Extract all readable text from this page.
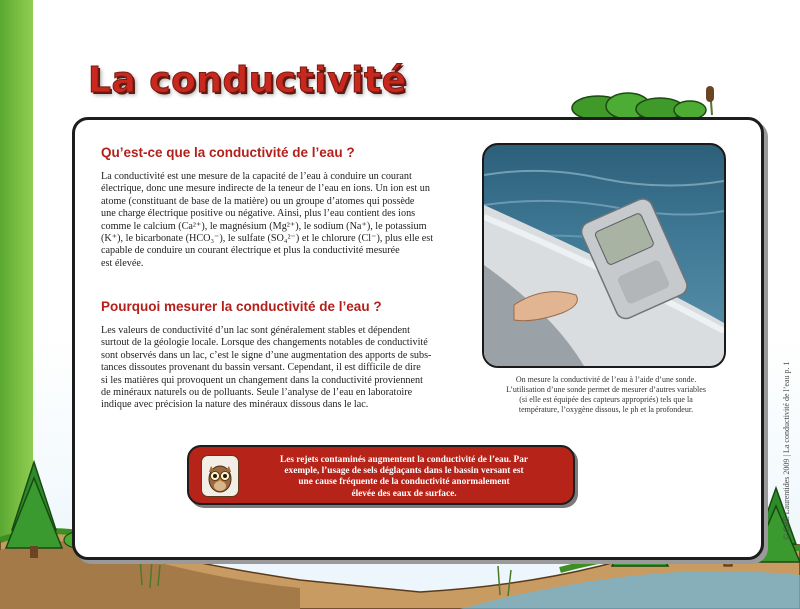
La conductivité
Qu’est-ce que la conductivité de l’eau ?
La conductivité est une mesure de la capacité de l’eau à conduire un courant
électrique, donc une mesure indirecte de la teneur de l’eau en ions. Un ion est un
atome (constituant de base de la matière) ou un groupe d’atomes qui possède
une charge électrique positive ou négative. Ainsi, plus l’eau contient des ions
comme le calcium (Ca²⁺), le magnésium (Mg²⁺), le sodium (Na⁺), le potassium
(K⁺), le bicarbonate (HCO₃⁻), le sulfate (SO₄²⁻) et le chlorure (Cl⁻), plus elle est
capable de conduire un courant électrique et plus la conductivité mesurée
est élevée.
Pourquoi mesurer la conductivité de l’eau ?
Les valeurs de conductivité d’un lac sont généralement stables et dépendent
surtout de la géologie locale. Lorsque des changements notables de conductivité
sont observés dans un lac, c’est le signe d’une augmentation des apports de subs-
tances dissoutes provenant du bassin versant. Cependant, il est difficile de dire
si les matières qui provoquent un changement dans la conductivité proviennent
de minéraux naturels ou de polluants. Seule l’analyse de l’eau en laboratoire
indique avec précision la nature des minéraux dissous dans le lac.
On mesure la conductivité de l’eau à l’aide d’une sonde.
L’utilisation d’une sonde permet de mesurer d’autres variables
(si elle est équipée des capteurs appropriés) tels que la
température, l’oxygène dissous, le ph et la profondeur.
Les rejets contaminés augmentent la conductivité de l’eau. Par
exemple, l’usage de sels déglaçants dans le bassin versant est
une cause fréquente de la conductivité anormalement
élevée des eaux de surface.	© CRE Laurentides 2009 | La conductivité de l’eau p. 1
